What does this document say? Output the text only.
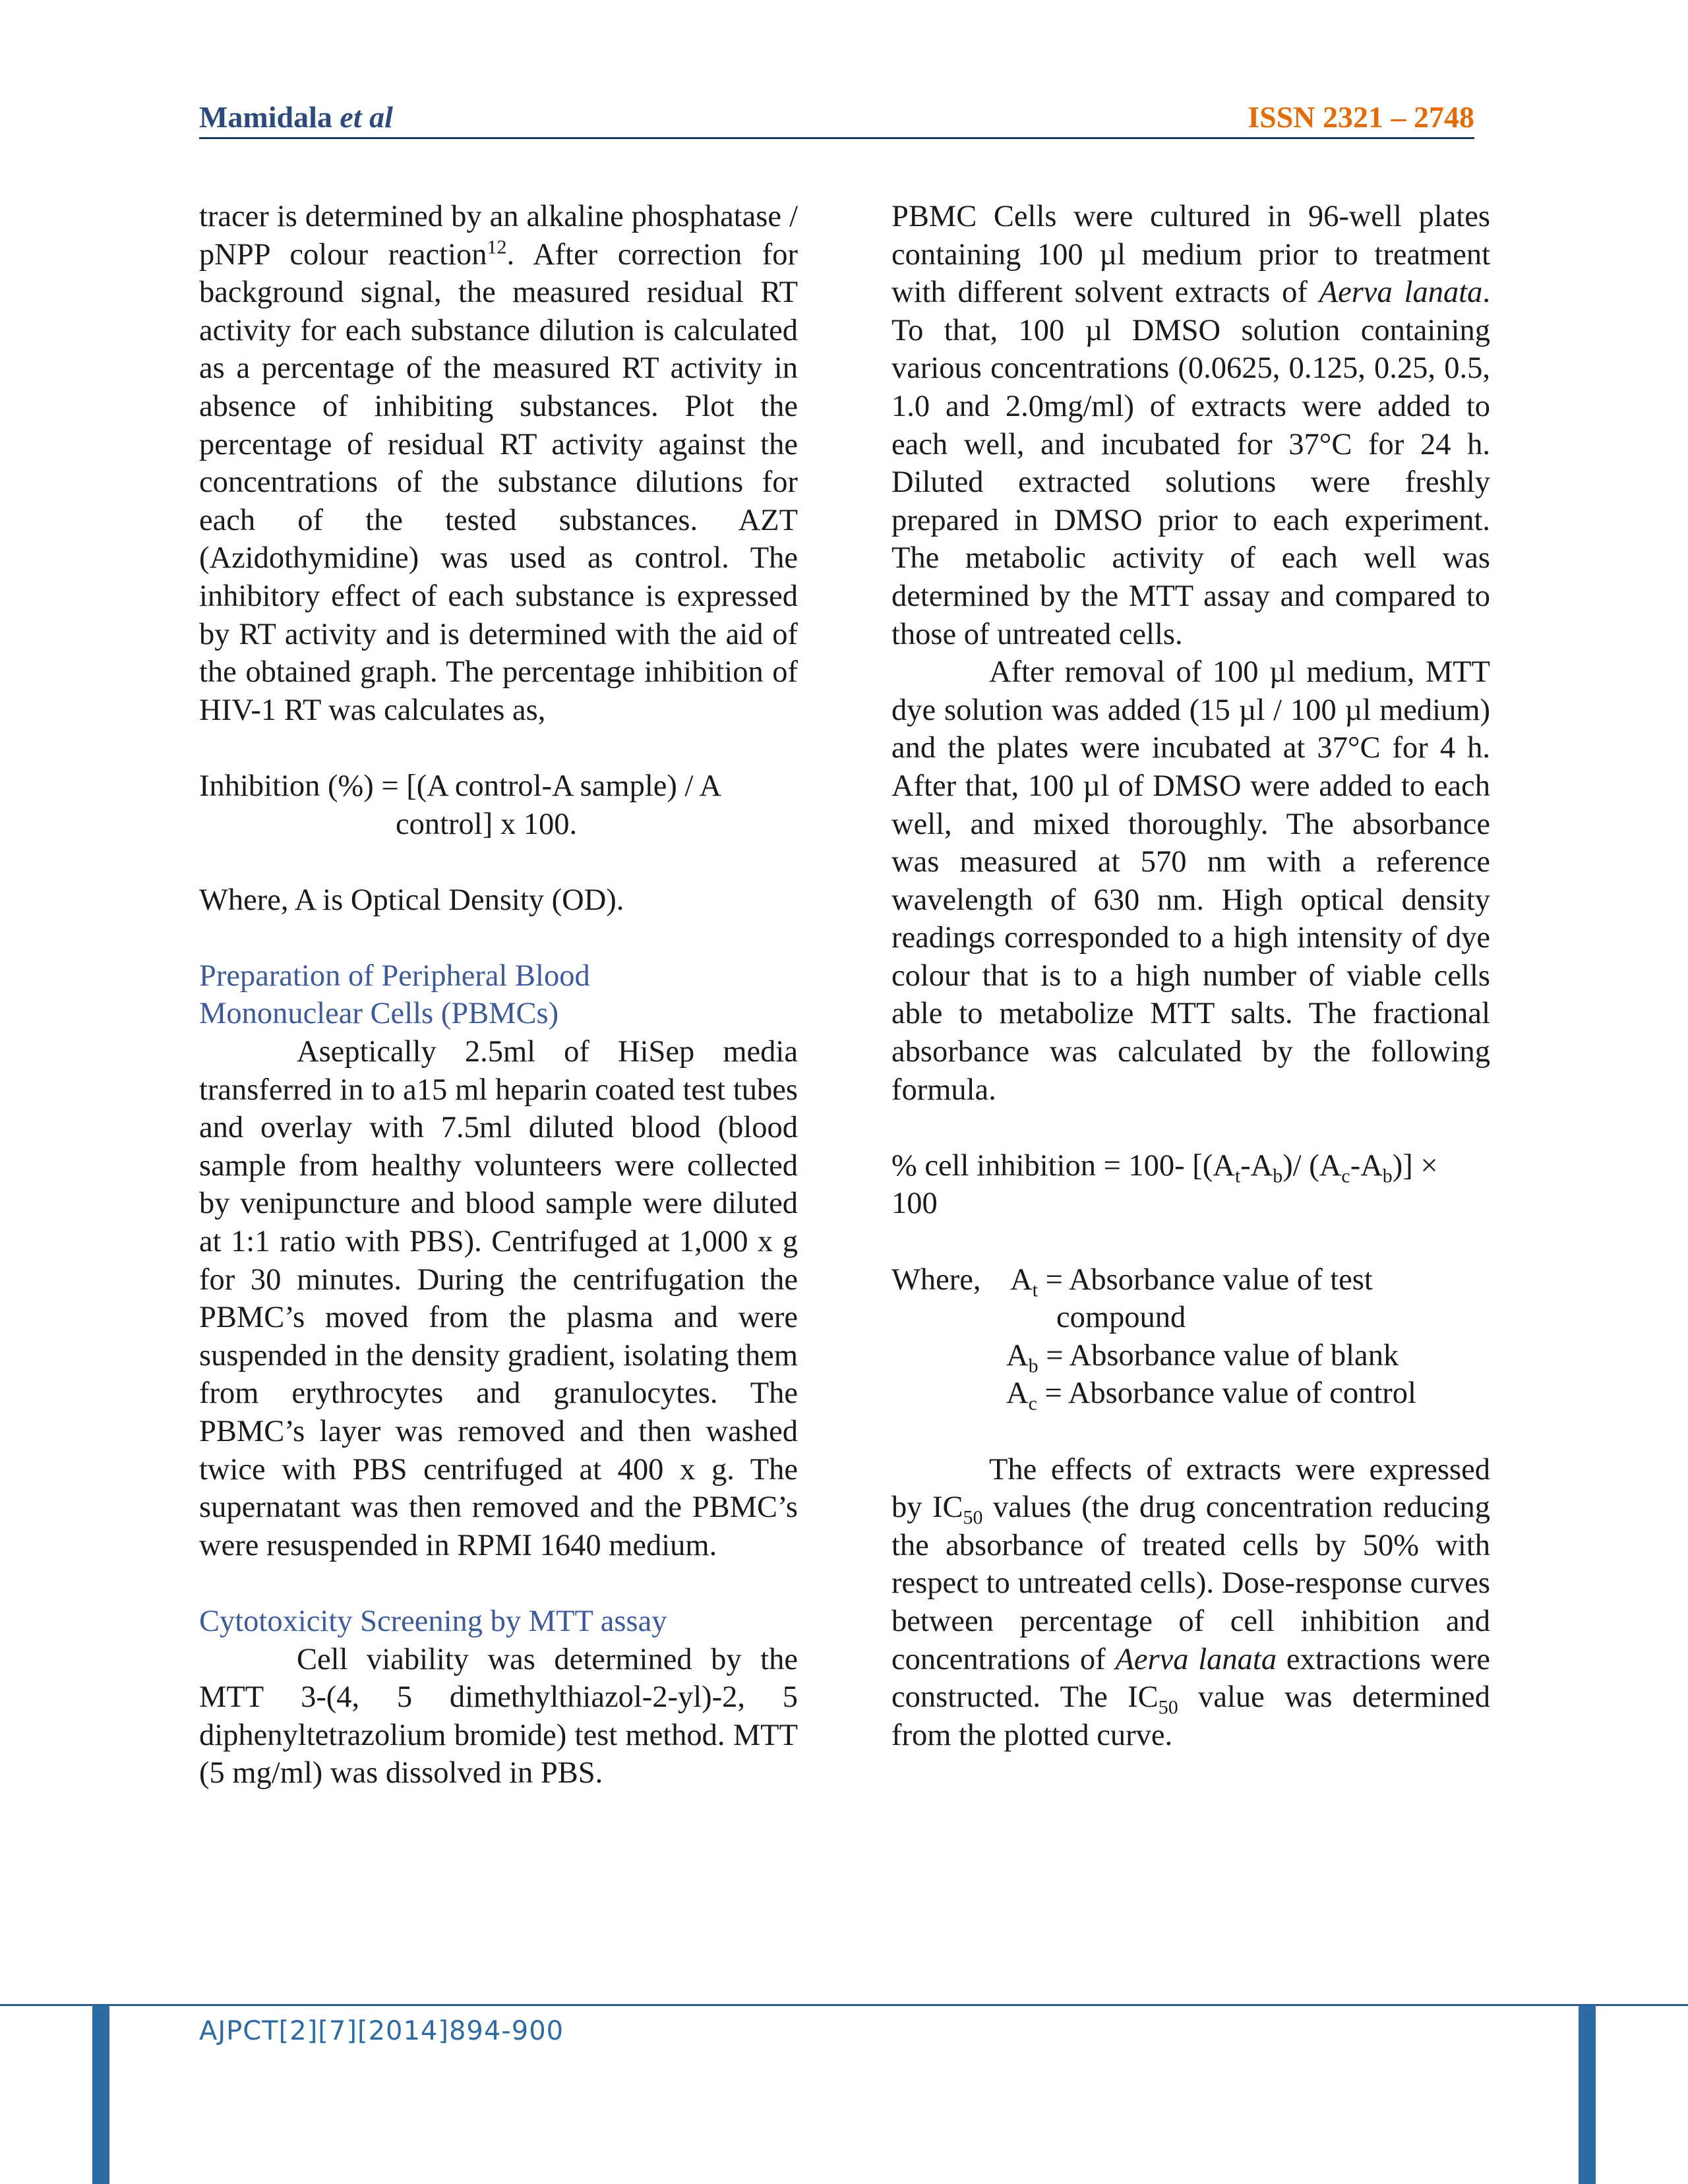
Mamidala et al	ISSN 2321 – 2748

tracer is determined by an alkaline phosphatase / pNPP colour reaction$^{12}$. After correction for background signal, the measured residual RT activity for each substance dilution is calculated as a percentage of the measured RT activity in absence of inhibiting substances. Plot the percentage of residual RT activity against the concentrations of the substance dilutions for each of the tested substances. AZT (Azidothymidine) was used as control. The inhibitory effect of each substance is expressed by RT activity and is determined with the aid of the obtained graph. The percentage inhibition of HIV-1 RT was calculates as,

Inhibition (%) = [(A control-A sample) / A

control] x 100.

Where, A is Optical Density (OD).

Preparation of Peripheral Blood
Mononuclear Cells (PBMCs)

Aseptically 2.5ml of HiSep media transferred in to a15 ml heparin coated test tubes and overlay with 7.5ml diluted blood (blood sample from healthy volunteers were collected by venipuncture and blood sample were diluted at 1:1 ratio with PBS). Centrifuged at 1,000 x g for 30 minutes. During the centrifugation the PBMC’s moved from the plasma and were suspended in the density gradient, isolating them from erythrocytes and granulocytes. The PBMC’s layer was removed and then washed twice with PBS centrifuged at 400 x g. The supernatant was then removed and the PBMC’s were resuspended in RPMI 1640 medium.

Cytotoxicity Screening by MTT assay

Cell viability was determined by the MTT 3-(4, 5 dimethylthiazol-2-yl)-2, 5 diphenyltetrazolium bromide) test method. MTT (5 mg/ml) was dissolved in PBS.

PBMC Cells were cultured in 96-well plates containing 100 µl medium prior to treatment with different solvent extracts of Aerva lanata. To that, 100 µl DMSO solution containing various concentrations (0.0625, 0.125, 0.25, 0.5, 1.0 and 2.0mg/ml) of extracts were added to each well, and incubated for 37°C for 24 h. Diluted extracted solutions were freshly prepared in DMSO prior to each experiment. The metabolic activity of each well was determined by the MTT assay and compared to those of untreated cells.

After removal of 100 µl medium, MTT dye solution was added (15 µl / 100 µl medium) and the plates were incubated at 37°C for 4 h. After that, 100 µl of DMSO were added to each well, and mixed thoroughly. The absorbance was measured at 570 nm with a reference wavelength of 630 nm. High optical density readings corresponded to a high intensity of dye colour that is to a high number of viable cells able to metabolize MTT salts. The fractional absorbance was calculated by the following formula.

% cell inhibition = 100- [$(A_t-A_b)/$ $(A_c-A_b)$] ×
100

Where, $A_t$ = Absorbance value of test

compound

$A_b$ = Absorbance value of blank

$A_c$ = Absorbance value of control

The effects of extracts were expressed by $IC_{50}$ values (the drug concentration reducing the absorbance of treated cells by 50% with respect to untreated cells). Dose-response curves between percentage of cell inhibition and concentrations of Aerva lanata extractions were constructed. The $IC_{50}$ value was determined from the plotted curve.

AJPCT[2][7][2014]894-900
